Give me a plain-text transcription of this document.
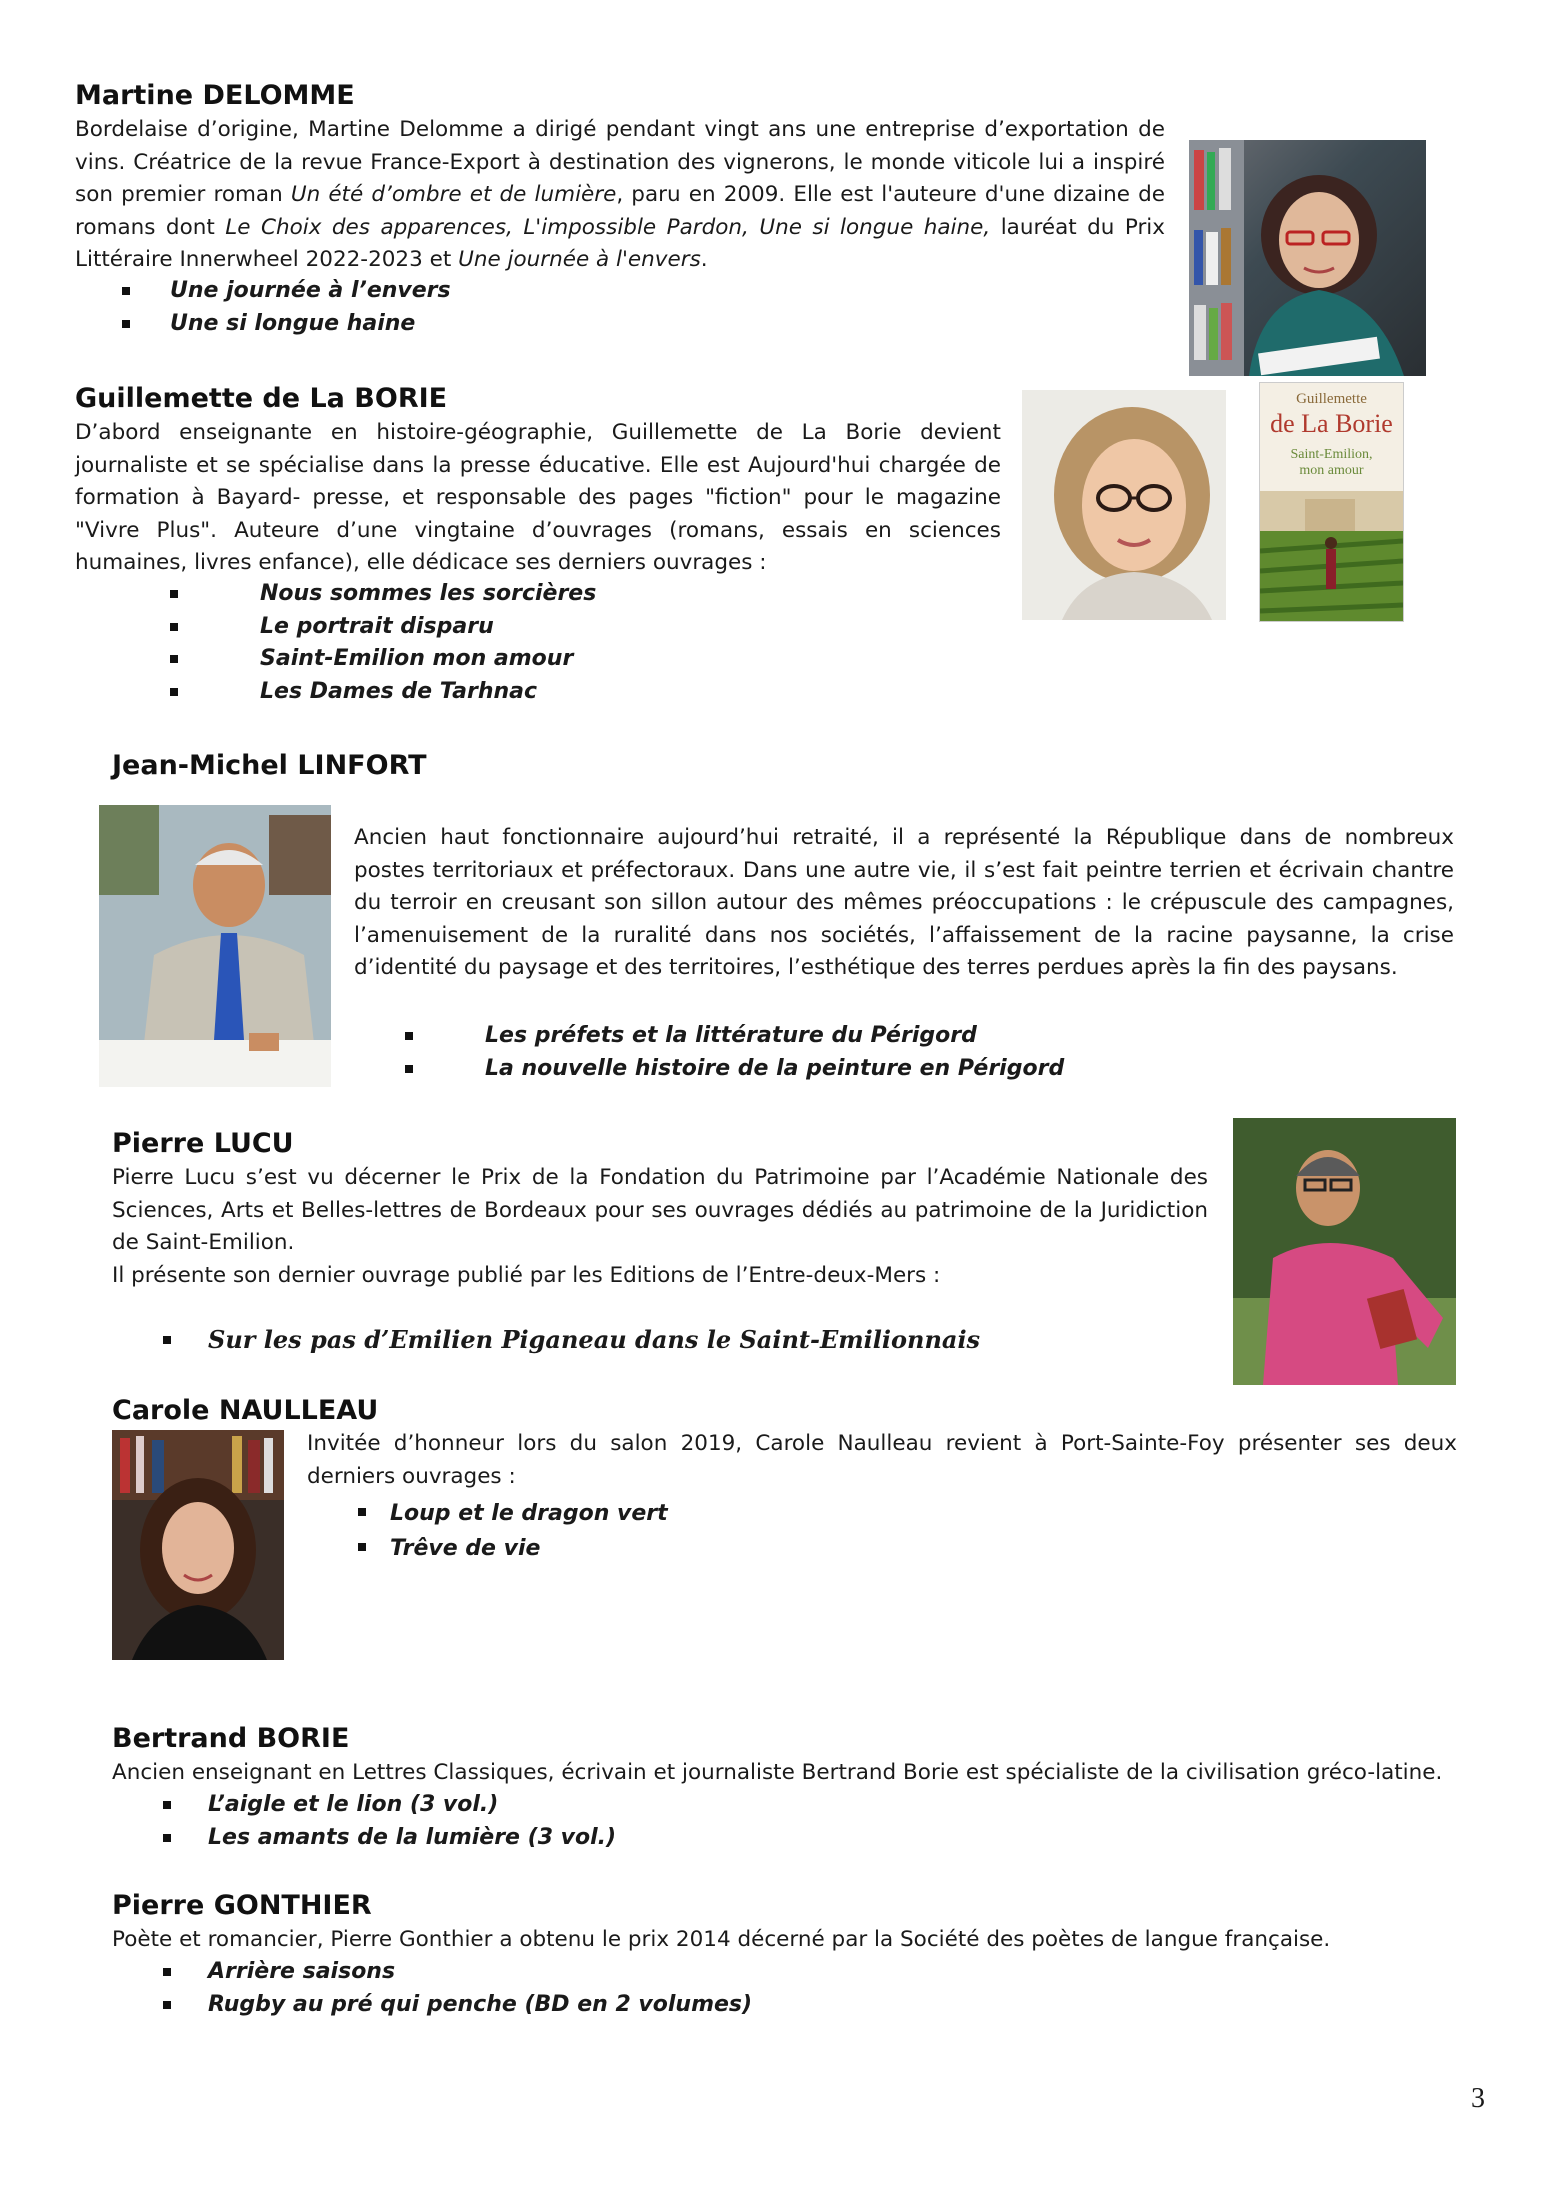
Martine DELOMME

Bordelaise d’origine, Martine Delomme a dirigé pendant vingt ans une entreprise d’exportation de vins. Créatrice de la revue France-Export à destination des vignerons, le monde viticole lui a inspiré son premier roman Un été d’ombre et de lumière, paru en 2009. Elle est l'auteure d'une dizaine de romans dont Le Choix des apparences, L'impossible Pardon, Une si longue haine, lauréat du Prix Littéraire Innerwheel 2022-2023 et Une journée à l'envers.

Une journée à l’envers
Une si longue haine
Guillemette de La BORIE

D’abord enseignante en histoire-géographie, Guillemette de La Borie devient journaliste et se spécialise dans la presse éducative. Elle est Aujourd'hui chargée de formation à Bayard- presse, et responsable des pages "fiction" pour le magazine "Vivre Plus". Auteure d’une vingtaine d’ouvrages (romans, essais en sciences humaines, livres enfance), elle dédicace ses derniers ouvrages :

Nous sommes les sorcières
Le portrait disparu
Saint-Emilion mon amour
Les Dames de Tarhnac
Guillemette
de La Borie
Saint-Emilion,
mon amour
Jean-Michel LINFORT

Ancien haut fonctionnaire aujourd’hui retraité, il a représenté la République dans de nombreux postes territoriaux et préfectoraux. Dans une autre vie, il s’est fait peintre terrien et écrivain chantre du terroir en creusant son sillon autour des mêmes préoccupations : le crépuscule des campagnes, l’amenuisement de la ruralité dans nos sociétés, l’affaissement de la racine paysanne, la crise d’identité du paysage et des territoires, l’esthétique des terres perdues après la fin des paysans.

Les préfets et la littérature du Périgord
La nouvelle histoire de la peinture en Périgord
Pierre LUCU

Pierre Lucu s’est vu décerner le Prix de la Fondation du Patrimoine par l’Académie Nationale des Sciences, Arts et Belles-lettres de Bordeaux pour ses ouvrages dédiés au patrimoine de la Juridiction de Saint-Emilion.

Il présente son dernier ouvrage publié par les Editions de l’Entre-deux-Mers :

Sur les pas d’Emilien Piganeau dans le Saint-Emilionnais
Carole NAULLEAU

Invitée d’honneur lors du salon 2019, Carole Naulleau revient à Port-Sainte-Foy présenter ses deux derniers ouvrages :

Loup et le dragon vert
Trêve de vie
Bertrand BORIE

Ancien enseignant en Lettres Classiques, écrivain et journaliste Bertrand Borie est spécialiste de la civilisation gréco-latine.

L’aigle et le lion (3 vol.)
Les amants de la lumière (3 vol.)
Pierre GONTHIER

Poète et romancier, Pierre Gonthier a obtenu le prix 2014 décerné par la Société des poètes de langue française.

Arrière saisons
Rugby au pré qui penche (BD en 2 volumes)
3
